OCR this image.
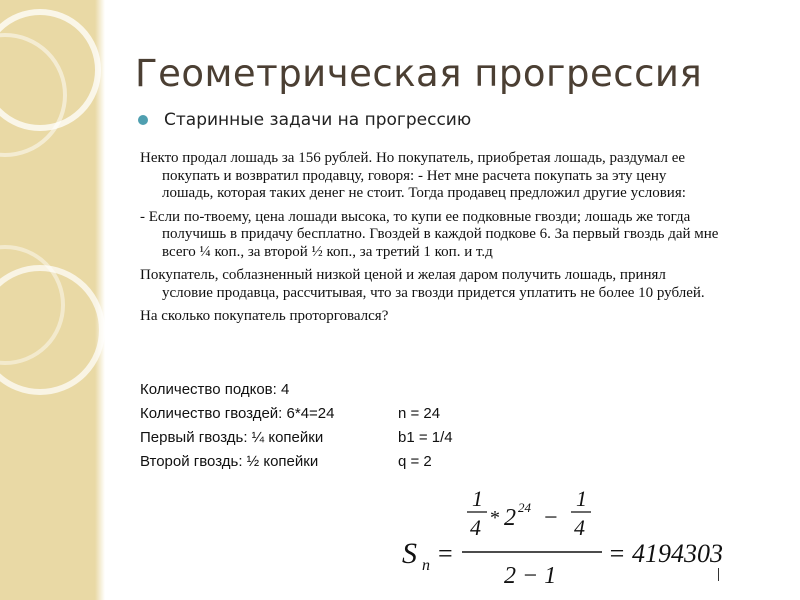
Геометрическая прогрессия
Старинные задачи на прогрессию

Некто продал лошадь за 156 рублей. Но покупатель, приобретая лошадь, раздумал ее покупать и возвратил продавцу, говоря: - Нет мне расчета покупать за эту цену лошадь, которая таких денег не стоит. Тогда продавец предложил другие условия:

- Если по-твоему, цена лошади высока, то купи ее подковные гвозди; лошадь же тогда получишь в придачу бесплатно. Гвоздей в каждой подкове 6. За первый гвоздь дай мне всего ¼ коп., за второй ½ коп., за третий 1 коп. и т.д

Покупатель, соблазненный низкой ценой и желая даром получить лошадь, принял условие продавца, рассчитывая, что за гвозди придется уплатить не более 10 рублей.

На сколько покупатель проторговался?

Количество подков: 4
Количество гвоздей: 6*4=24	n = 24
Первый гвоздь: ¼ копейки	b1 = 1/4
Второй гвоздь: ½ копейки	q = 2
S n =
1
4 * 2 24 −
1
4
2 − 1
= 4194303
